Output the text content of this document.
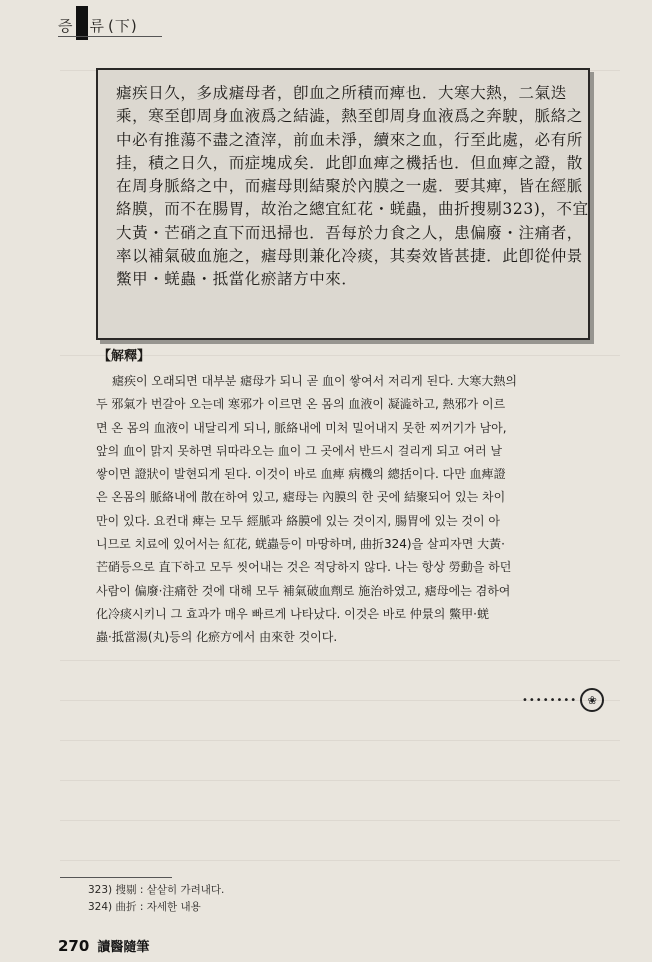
증 류 (下)
瘧疾日久，多成瘧母者，卽血之所積而痺也．大寒大熱，二氣迭
乘，寒至卽周身血液爲之結澁，熱至卽周身血液爲之奔駛，脈絡之
中必有推蕩不盡之渣滓，前血未淨，續來之血，行至此處，必有所
挂，積之日久，而症塊成矣．此卽血痺之機括也．但血痺之證，散
在周身脈絡之中，而瘧母則結聚於內膜之一處．要其痺，皆在經脈
絡膜，而不在腸胃，故治之總宜紅花・蜣蟲，曲折搜剔323)，不宜
大黃・芒硝之直下而迅掃也．吾每於力食之人，患偏廢・注痛者，
率以補氣破血施之，瘧母則兼化冷痰，其奏效皆甚捷．此卽從仲景
鱉甲・蜣蟲・抵當化瘀諸方中來．
【解釋】
瘧疾이 오래되면 대부분 瘧母가 되니 곧 血이 쌓여서 저리게 된다. 大寒大熱의
두 邪氣가 번갈아 오는데 寒邪가 이르면 온 몸의 血液이 凝澁하고, 熱邪가 이르
면 온 몸의 血液이 내달리게 되니, 脈絡내에 미처 밀어내지 못한 찌꺼기가 남아,
앞의 血이 맑지 못하면 뒤따라오는 血이 그 곳에서 반드시 걸리게 되고 여러 날
쌓이면 證狀이 발현되게 된다. 이것이 바로 血痺 病機의 總括이다. 다만 血痺證
은 온몸의 脈絡내에 散在하여 있고, 瘧母는 內膜의 한 곳에 結聚되어 있는 차이
만이 있다. 요컨대 痺는 모두 經脈과 絡膜에 있는 것이지, 腸胃에 있는 것이 아
니므로 치료에 있어서는 紅花, 蜣蟲등이 마땅하며, 曲折324)을 살피자면 大黃·
芒硝등으로 直下하고 모두 씻어내는 것은 적당하지 않다. 나는 항상 勞動을 하던
사람이 偏廢·注痛한 것에 대해 모두 補氣破血劑로 施治하였고, 瘧母에는 겸하여
化冷痰시키니 그 효과가 매우 빠르게 나타났다. 이것은 바로 仲景의 鱉甲·蜣
蟲·抵當湯(丸)등의 化瘀方에서 由來한 것이다.
•••••••• ❀
323) 搜剔 : 샅샅히 가려내다.
324) 曲折 : 자세한 내용
270 讀醫隨筆
